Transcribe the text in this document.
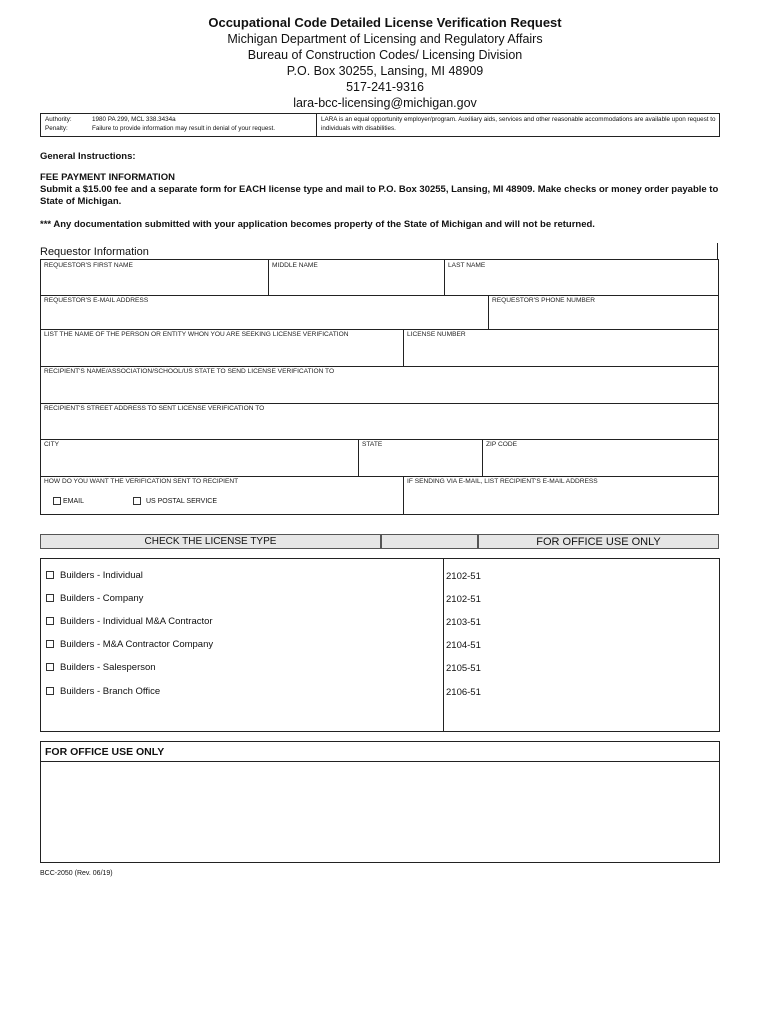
Occupational Code Detailed License Verification Request
Michigan Department of Licensing and Regulatory Affairs
Bureau of Construction Codes/ Licensing Division
P.O. Box 30255, Lansing, MI 48909
517-241-9316
lara-bcc-licensing@michigan.gov
Authority:	1980 PA 299, MCL 338.3434a
Penalty:	Failure to provide information may result in denial of your request.
LARA is an equal opportunity employer/program. Auxiliary aids, services and other reasonable accommodations are available upon request to individuals with disabilities.
General Instructions:
FEE PAYMENT INFORMATION
Submit a $15.00 fee and a separate form for EACH license type and mail to P.O. Box 30255, Lansing, MI 48909. Make checks or money order payable to State of Michigan.
*** Any documentation submitted with your application becomes property of the State of Michigan and will not be returned.
Requestor Information
REQUESTOR'S FIRST NAME	MIDDLE NAME	LAST NAME
REQUESTOR'S E-MAIL ADDRESS	REQUESTOR'S PHONE NUMBER
LIST THE NAME OF THE PERSON OR ENTITY WHON YOU ARE SEEKING LICENSE VERIFICATION	LICENSE NUMBER
RECIPIENT'S NAME/ASSOCIATION/SCHOOL/US STATE TO SEND LICENSE VERIFICATION TO
RECIPIENT'S STREET ADDRESS TO SENT LICENSE VERIFICATION TO
CITY	STATE	ZIP CODE
HOW DO YOU WANT THE VERIFICATION SENT TO RECIPIENT
EMAIL	US POSTAL SERVICE
IF SENDING VIA E-MAIL, LIST RECIPIENT'S E-MAIL ADDRESS
CHECK THE LICENSE TYPE	FOR OFFICE USE ONLY
Builders - Individual	2102-51
Builders - Company	2102-51
Builders - Individual M&A Contractor	2103-51
Builders - M&A Contractor Company	2104-51
Builders - Salesperson	2105-51
Builders - Branch Office	2106-51
FOR OFFICE USE ONLY
BCC-2050 (Rev. 06/19)
